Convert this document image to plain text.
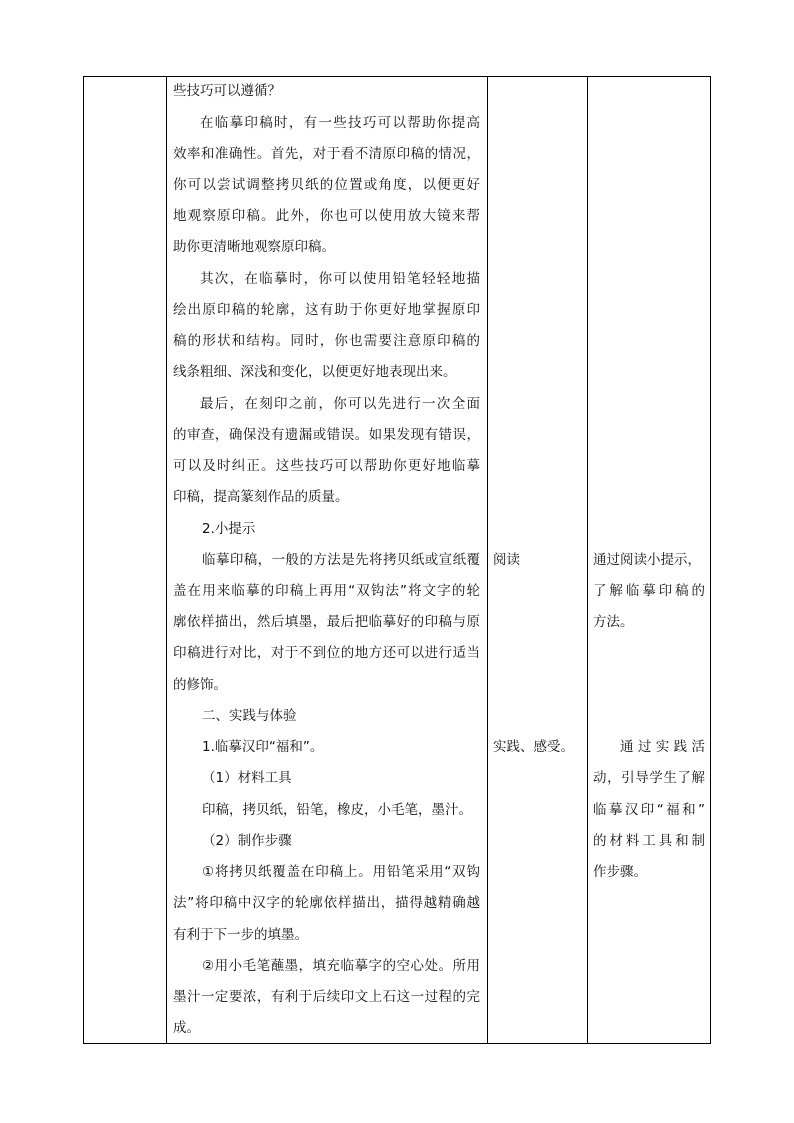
些技巧可以遵循？
在临摹印稿时，有一些技巧可以帮助你提高
效率和准确性。首先，对于看不清原印稿的情况，
你可以尝试调整拷贝纸的位置或角度，以便更好
地观察原印稿。此外，你也可以使用放大镜来帮
助你更清晰地观察原印稿。
其次，在临摹时，你可以使用铅笔轻轻地描
绘出原印稿的轮廓，这有助于你更好地掌握原印
稿的形状和结构。同时，你也需要注意原印稿的
线条粗细、深浅和变化，以便更好地表现出来。
最后，在刻印之前，你可以先进行一次全面
的审查，确保没有遗漏或错误。如果发现有错误，
可以及时纠正。这些技巧可以帮助你更好地临摹
印稿，提高篆刻作品的质量。
2.小提示
临摹印稿，一般的方法是先将拷贝纸或宣纸覆
盖在用来临摹的印稿上再用“双钩法”将文字的轮
廓依样描出，然后填墨，最后把临摹好的印稿与原
印稿进行对比，对于不到位的地方还可以进行适当
的修饰。
二、实践与体验
1.临摹汉印“福和”。
（1）材料工具
印稿，拷贝纸，铅笔，橡皮，小毛笔，墨汁。
（2）制作步骤
①将拷贝纸覆盖在印稿上。用铅笔采用“双钩
法”将印稿中汉字的轮廓依样描出，描得越精确越
有利于下一步的填墨。
②用小毛笔蘸墨，填充临摹字的空心处。所用
墨汁一定要浓，有利于后续印文上石这一过程的完
成。
阅读
实践、感受。
通过阅读小提示，
了解临摹印稿的
方法。
通过实践活
动，引导学生了解
临摹汉印“福和”
的材料工具和制
作步骤。
